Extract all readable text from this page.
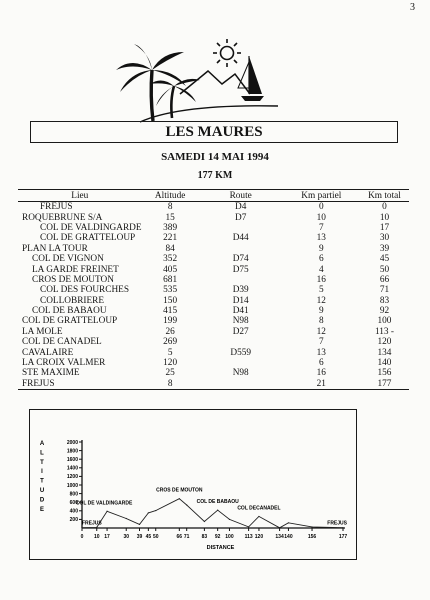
3
LES MAURES
SAMEDI 14 MAI 1994
177 KM
Lieu	Altitude	Route	Km partiel	Km total
FREJUS	8	D4	0	0
ROQUEBRUNE S/A	15	D7	10	10
COL DE VALDINGARDE	389		7	17
COL DE GRATTELOUP	221	D44	13	30
PLAN LA TOUR	84		9	39
COL DE VIGNON	352	D74	6	45
LA GARDE FREINET	405	D75	4	50
CROS DE MOUTON	681		16	66
COL DES FOURCHES	535	D39	5	71
COLLOBRIERE	150	D14	12	83
COL DE BABAOU	415	D41	9	92
COL DE GRATTELOUP	199	N98	8	100
LA MOLE	26	D27	12	113 -
COL DE CANADEL	269		7	120
CAVALAIRE	5	D559	13	134
LA CROIX VALMER	120		6	140
STE MAXIME	25	N98	16	156
FREJUS	8		21	177
2000
1800
1600
1400
1200
1000
800
600
400
200
0 10 17	30 39 45 50	66 71 83 92 100 113 120 134 140	156	177
A
L
T
I
T
U
D
E
DISTANCE
FREJUS
COL DE VALDINGARDE
CROS DE MOUTON
COL DE BABAOU
COL DECANADEL
FREJUS
